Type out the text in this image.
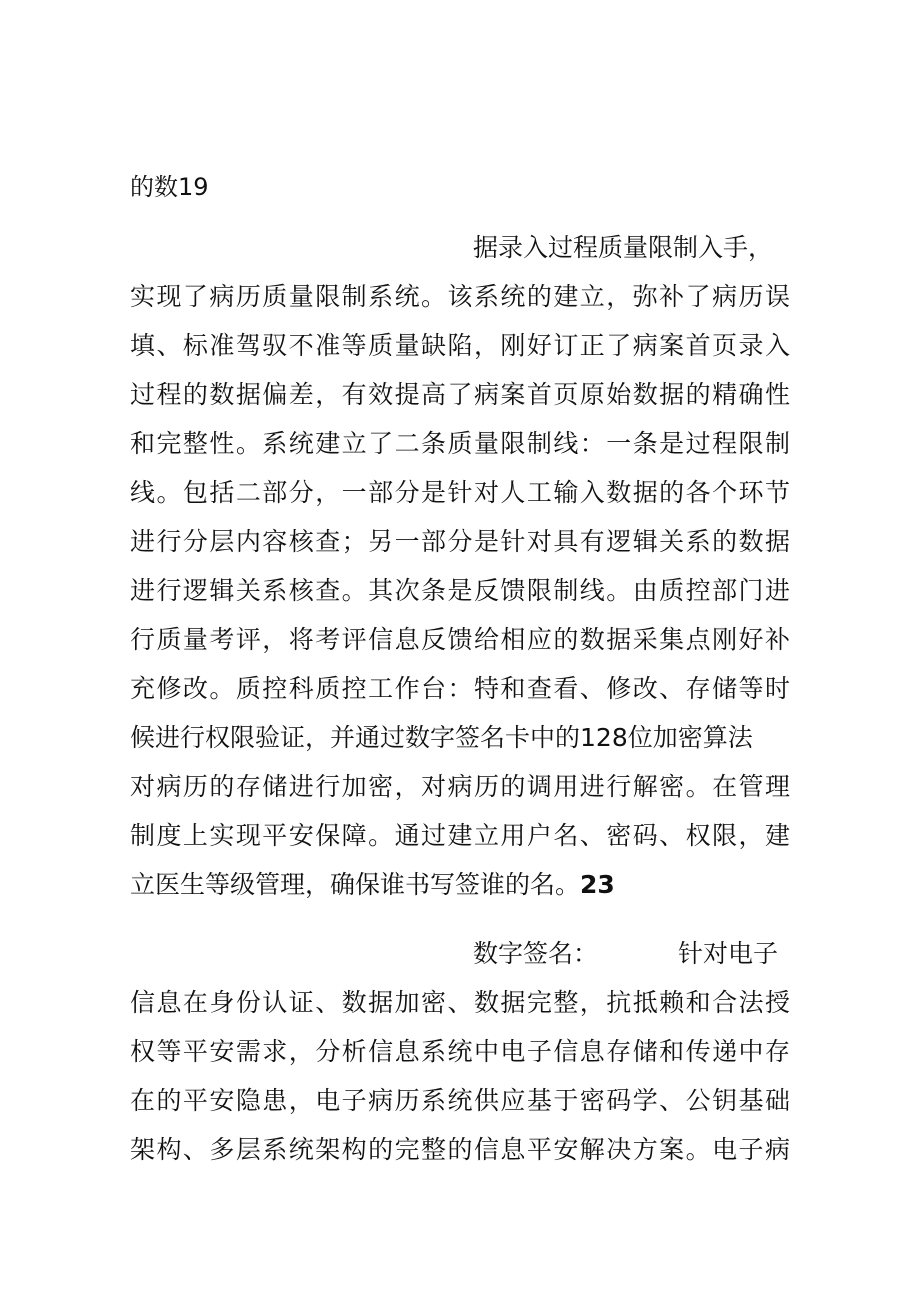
的数19
据录入过程质量限制入手，
实现了病历质量限制系统。该系统的建立，弥补了病历误
填、标准驾驭不准等质量缺陷，刚好订正了病案首页录入
过程的数据偏差，有效提高了病案首页原始数据的精确性
和完整性。系统建立了二条质量限制线：一条是过程限制
线。包括二部分，一部分是针对人工输入数据的各个环节
进行分层内容核查；另一部分是针对具有逻辑关系的数据
进行逻辑关系核查。其次条是反馈限制线。由质控部门进
行质量考评，将考评信息反馈给相应的数据采集点刚好补
充修改。质控科质控工作台：特和查看、修改、存储等时
候进行权限验证，并通过数字签名卡中的128位加密算法
对病历的存储进行加密，对病历的调用进行解密。在管理
制度上实现平安保障。通过建立用户名、密码、权限，建
立医生等级管理，确保谁书写签谁的名。23
数字签名：	针对电子
信息在身份认证、数据加密、数据完整，抗抵赖和合法授
权等平安需求，分析信息系统中电子信息存储和传递中存
在的平安隐患，电子病历系统供应基于密码学、公钥基础
架构、多层系统架构的完整的信息平安解决方案。电子病
